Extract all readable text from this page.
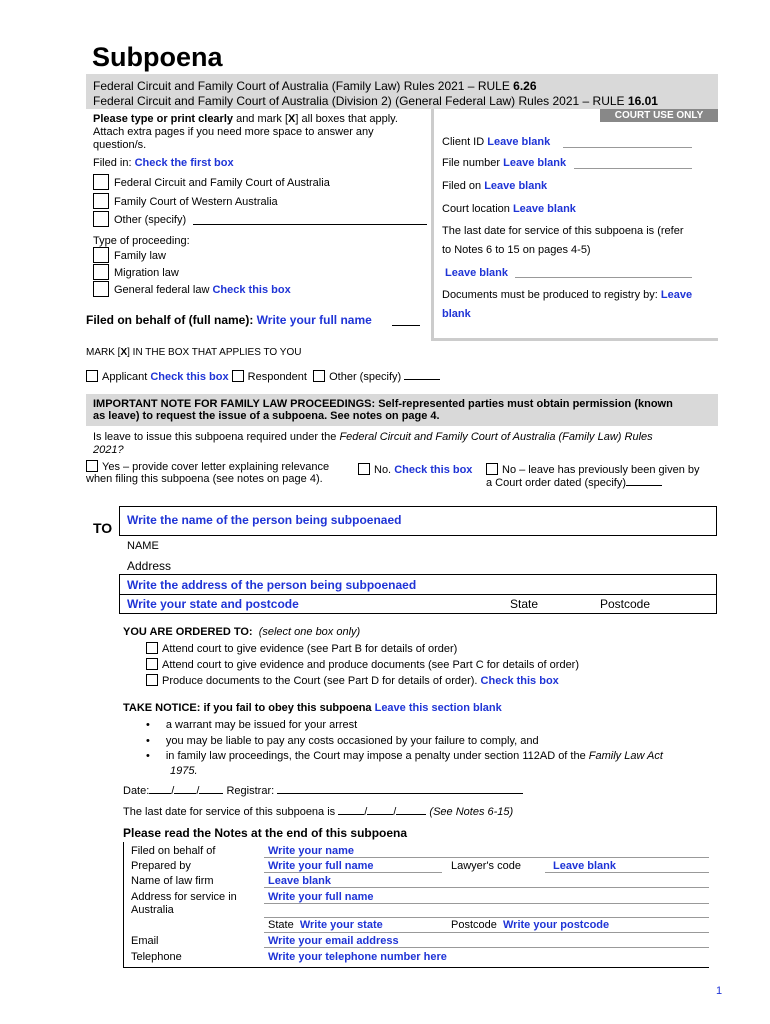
Subpoena
Federal Circuit and Family Court of Australia (Family Law) Rules 2021 – RULE 6.26
Federal Circuit and Family Court of Australia (Division 2) (General Federal Law) Rules 2021 – RULE 16.01
COURT USE ONLY
Client ID Leave blank
File number Leave blank
Filed on Leave blank
Court location Leave blank
The last date for service of this subpoena is (refer
to Notes 6 to 15 on pages 4-5)
Leave blank
Documents must be produced to registry by: Leave
blank
Please type or print clearly and mark [X] all boxes that apply.
Attach extra pages if you need more space to answer any
question/s.
Filed in: Check the first box
Federal Circuit and Family Court of Australia
Family Court of Western Australia
Other (specify)
Type of proceeding:
Family law
Migration law
General federal law Check this box
Filed on behalf of (full name): Write your full name
MARK [X] IN THE BOX THAT APPLIES TO YOU
Applicant Check this box Respondent Other (specify)
IMPORTANT NOTE FOR FAMILY LAW PROCEEDINGS: Self-represented parties must obtain permission (known
as leave) to request the issue of a subpoena. See notes on page 4.
Is leave to issue this subpoena required under the Federal Circuit and Family Court of Australia (Family Law) Rules
2021?
Yes – provide cover letter explaining relevance
when filing this subpoena (see notes on page 4).
No. Check this box	No – leave has previously been given by
a Court order dated (specify)
TO Write the name of the person being subpoenaed
NAME
Address
Write the address of the person being subpoenaed
Write your state and postcode	State	Postcode
YOU ARE ORDERED TO: (select one box only)
Attend court to give evidence (see Part B for details of order)
Attend court to give evidence and produce documents (see Part C for details of order)
Produce documents to the Court (see Part D for details of order). Check this box
TAKE NOTICE: if you fail to obey this subpoena Leave this section blank
• a warrant may be issued for your arrest
• you may be liable to pay any costs occasioned by your failure to comply, and
• in family law proceedings, the Court may impose a penalty under section 112AD of the Family Law Act
1975.
Date: / / Registrar:
The last date for service of this subpoena is	/ /	(See Notes 6-15)
Please read the Notes at the end of this subpoena
Filed on behalf of	Write your name
Prepared by	Write your full name	Lawyer's code	Leave blank
Name of law firm	Leave blank
Address for service in
Australia
Write your full name
State Write your state	Postcode Write your postcode
Email	Write your email address
Telephone	Write your telephone number here
1
